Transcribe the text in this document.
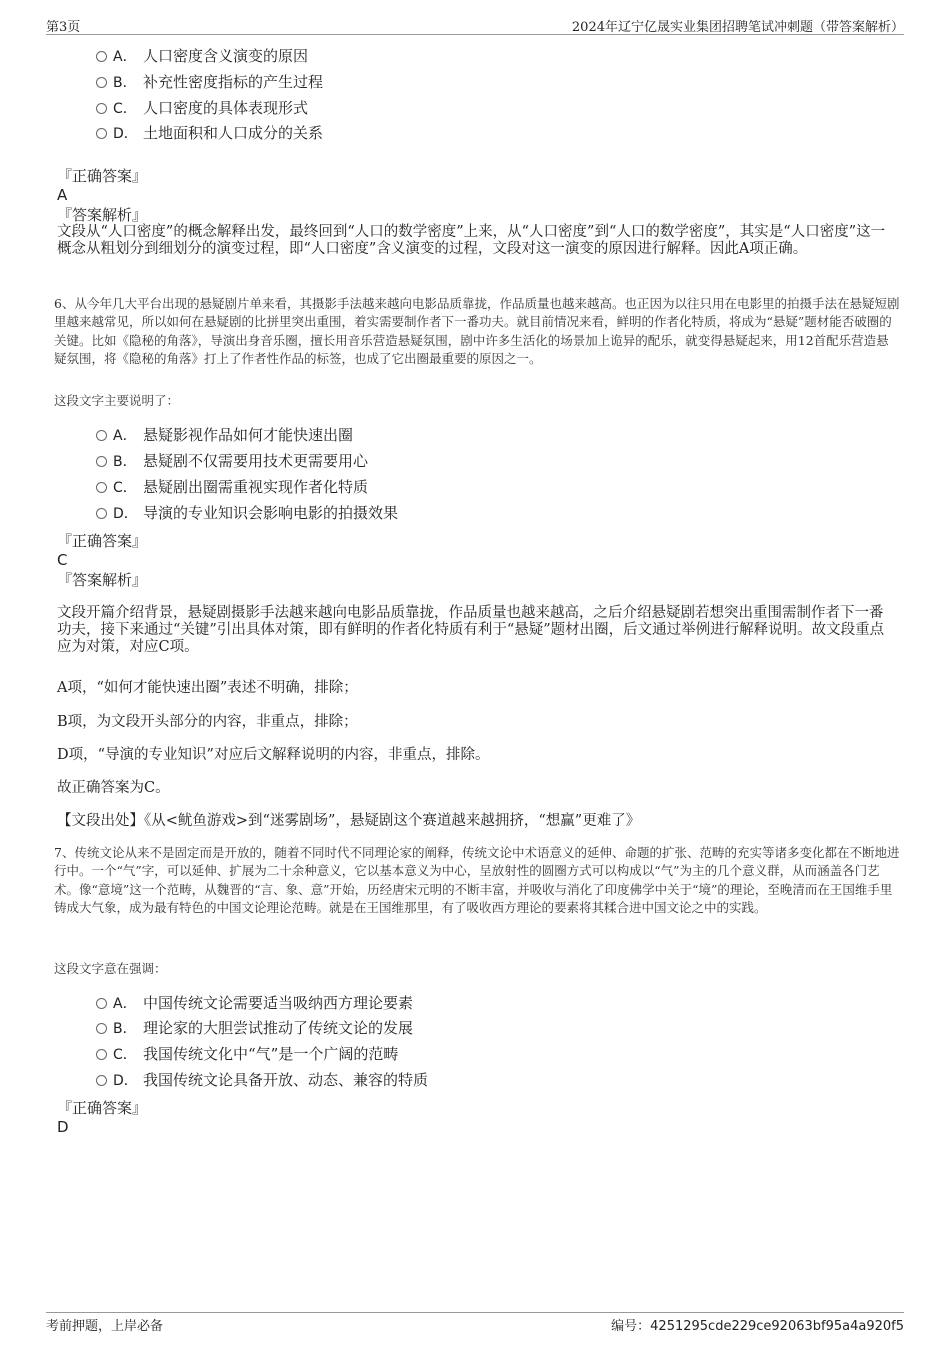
第3页	2024年辽宁亿晟实业集团招聘笔试冲刺题（带答案解析）
A． 人口密度含义演变的原因
B． 补充性密度指标的产生过程
C． 人口密度的具体表现形式
D． 土地面积和人口成分的关系
『正确答案』
A
『答案解析』
文段从“人口密度”的概念解释出发，最终回到“人口的数学密度”上来，从“人口密度”到“人口的数学密度”，其实是“人口密度”这一概念从粗划分到细划分的演变过程，即“人口密度”含义演变的过程，文段对这一演变的原因进行解释。因此A项正确。
6、从今年几大平台出现的悬疑剧片单来看，其摄影手法越来越向电影品质靠拢，作品质量也越来越高。也正因为以往只用在电影里的拍摄手法在悬疑短剧里越来越常见，所以如何在悬疑剧的比拼里突出重围，着实需要制作者下一番功夫。就目前情况来看，鲜明的作者化特质，将成为“悬疑”题材能否破圈的关键。比如《隐秘的角落》，导演出身音乐圈，擅长用音乐营造悬疑氛围，剧中许多生活化的场景加上诡异的配乐，就变得悬疑起来，用12首配乐营造悬疑氛围，将《隐秘的角落》打上了作者性作品的标签，也成了它出圈最重要的原因之一。
这段文字主要说明了：
A． 悬疑影视作品如何才能快速出圈
B． 悬疑剧不仅需要用技术更需要用心
C． 悬疑剧出圈需重视实现作者化特质
D． 导演的专业知识会影响电影的拍摄效果
『正确答案』
C
『答案解析』
文段开篇介绍背景，悬疑剧摄影手法越来越向电影品质靠拢，作品质量也越来越高，之后介绍悬疑剧若想突出重围需制作者下一番功夫，接下来通过“关键”引出具体对策，即有鲜明的作者化特质有利于“悬疑”题材出圈，后文通过举例进行解释说明。故文段重点应为对策，对应C项。
A项，“如何才能快速出圈”表述不明确，排除；
B项，为文段开头部分的内容，非重点，排除；
D项，“导演的专业知识”对应后文解释说明的内容，非重点，排除。
故正确答案为C。
【文段出处】《从<鱿鱼游戏>到“迷雾剧场”，悬疑剧这个赛道越来越拥挤，“想赢”更难了》
7、传统文论从来不是固定而是开放的，随着不同时代不同理论家的阐释，传统文论中术语意义的延伸、命题的扩张、范畴的充实等诸多变化都在不断地进行中。一个“气”字，可以延伸、扩展为二十余种意义，它以基本意义为中心，呈放射性的圆圈方式可以构成以“气”为主的几个意义群，从而涵盖各门艺术。像“意境”这一个范畴，从魏晋的“言、象、意”开始，历经唐宋元明的不断丰富，并吸收与消化了印度佛学中关于“境”的理论，至晚清而在王国维手里铸成大气象，成为最有特色的中国文论理论范畴。就是在王国维那里，有了吸收西方理论的要素将其糅合进中国文论之中的实践。
这段文字意在强调：
A． 中国传统文论需要适当吸纳西方理论要素
B． 理论家的大胆尝试推动了传统文论的发展
C． 我国传统文化中“气”是一个广阔的范畴
D． 我国传统文论具备开放、动态、兼容的特质
『正确答案』
D
考前押题，上岸必备	编号：4251295cde229ce92063bf95a4a920f5
